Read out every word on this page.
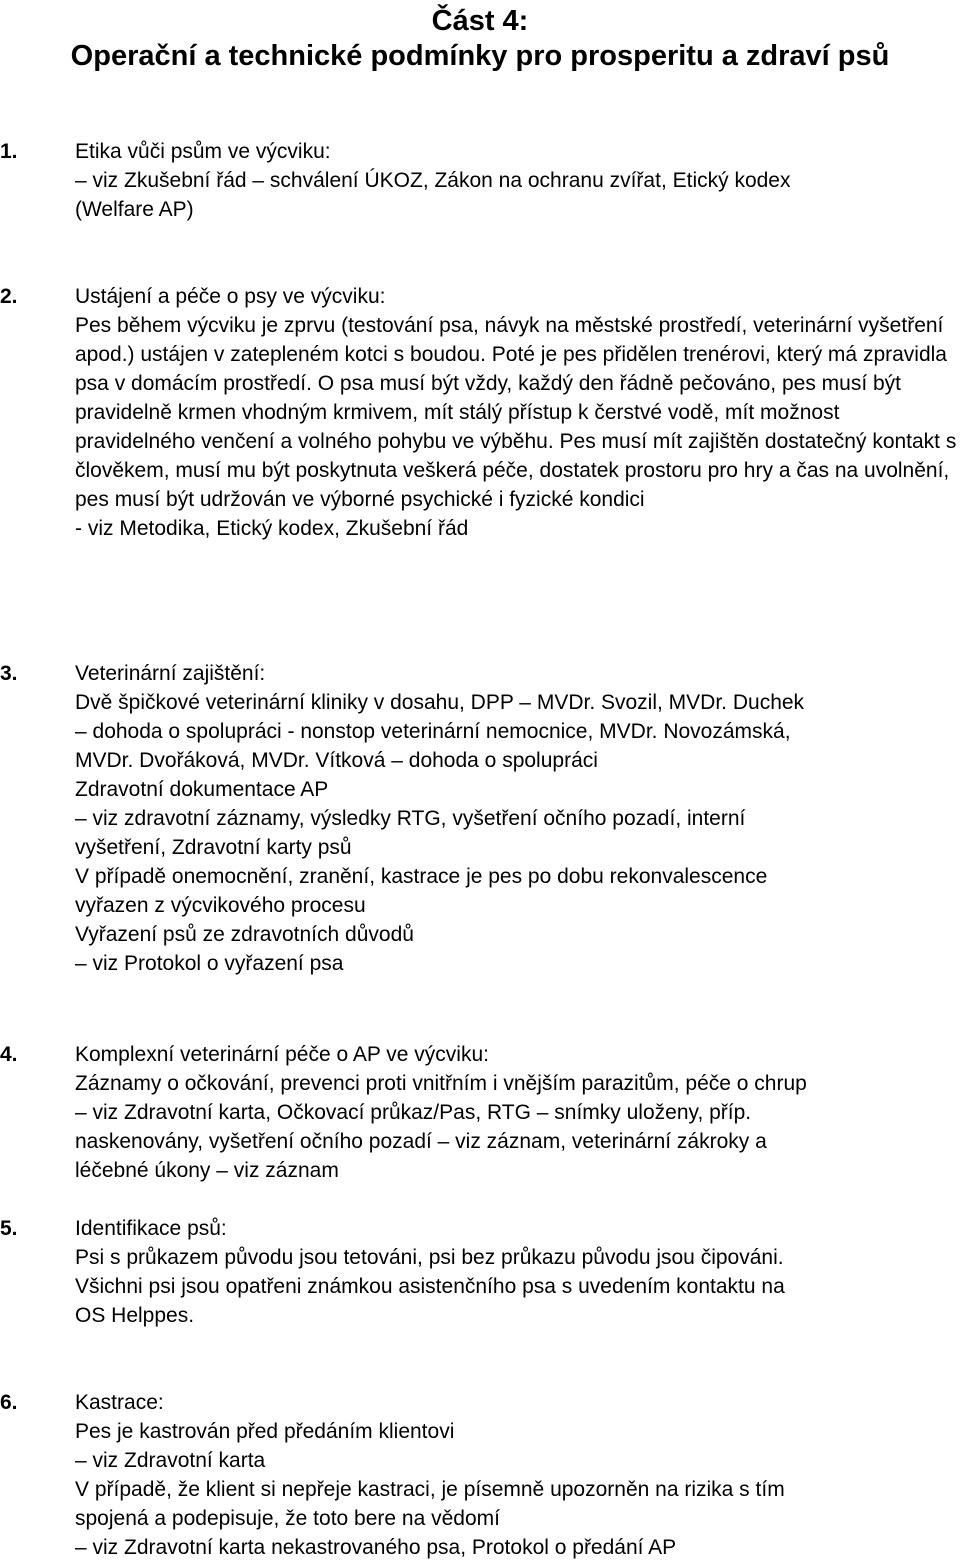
Část 4:
Operační a technické podmínky pro prosperitu a zdraví psů
1.	Etika vůči psům ve výcviku:
– viz Zkušební řád – schválení ÚKOZ, Zákon na ochranu zvířat, Etický kodex
(Welfare AP)
2.	Ustájení a péče o psy ve výcviku:
Pes během výcviku je zprvu (testování psa, návyk na městské prostředí, veterinární vyšetření apod.) ustájen v zatepleném kotci s boudou. Poté je pes přidělen trenérovi, který má zpravidla psa v domácím prostředí. O psa musí být vždy, každý den řádně pečováno, pes musí být pravidelně krmen vhodným krmivem, mít stálý přístup k čerstvé vodě, mít možnost pravidelného venčení a volného pohybu ve výběhu. Pes musí mít zajištěn dostatečný kontakt s člověkem, musí mu být poskytnuta veškerá péče, dostatek prostoru pro hry a čas na uvolnění, pes musí být udržován ve výborné psychické i fyzické kondici
- viz Metodika, Etický kodex, Zkušební řád
3.	Veterinární zajištění:
Dvě špičkové veterinární kliniky v dosahu, DPP – MVDr. Svozil, MVDr. Duchek
– dohoda o spolupráci - nonstop veterinární nemocnice, MVDr. Novozámská,
MVDr. Dvořáková, MVDr. Vítková – dohoda o spolupráci
Zdravotní dokumentace AP
– viz zdravotní záznamy, výsledky RTG, vyšetření očního pozadí, interní
vyšetření, Zdravotní karty psů
V případě onemocnění, zranění, kastrace je pes po dobu rekonvalescence
vyřazen z výcvikového procesu
Vyřazení psů ze zdravotních důvodů
– viz Protokol o vyřazení psa
4.	Komplexní veterinární péče o AP ve výcviku:
Záznamy o očkování, prevenci proti vnitřním i vnějším parazitům, péče o chrup
– viz Zdravotní karta, Očkovací průkaz/Pas, RTG – snímky uloženy, příp.
naskenovány, vyšetření očního pozadí – viz záznam, veterinární zákroky a
léčebné úkony – viz záznam
5.	Identifikace psů:
Psi s průkazem původu jsou tetováni, psi bez průkazu původu jsou čipováni.
Všichni psi jsou opatřeni známkou asistenčního psa s uvedením kontaktu na
OS Helppes.
6.	Kastrace:
Pes je kastrován před předáním klientovi
– viz Zdravotní karta
V případě, že klient si nepřeje kastraci, je písemně upozorněn na rizika s tím
spojená a podepisuje, že toto bere na vědomí
– viz Zdravotní karta nekastrovaného psa, Protokol o předání AP
